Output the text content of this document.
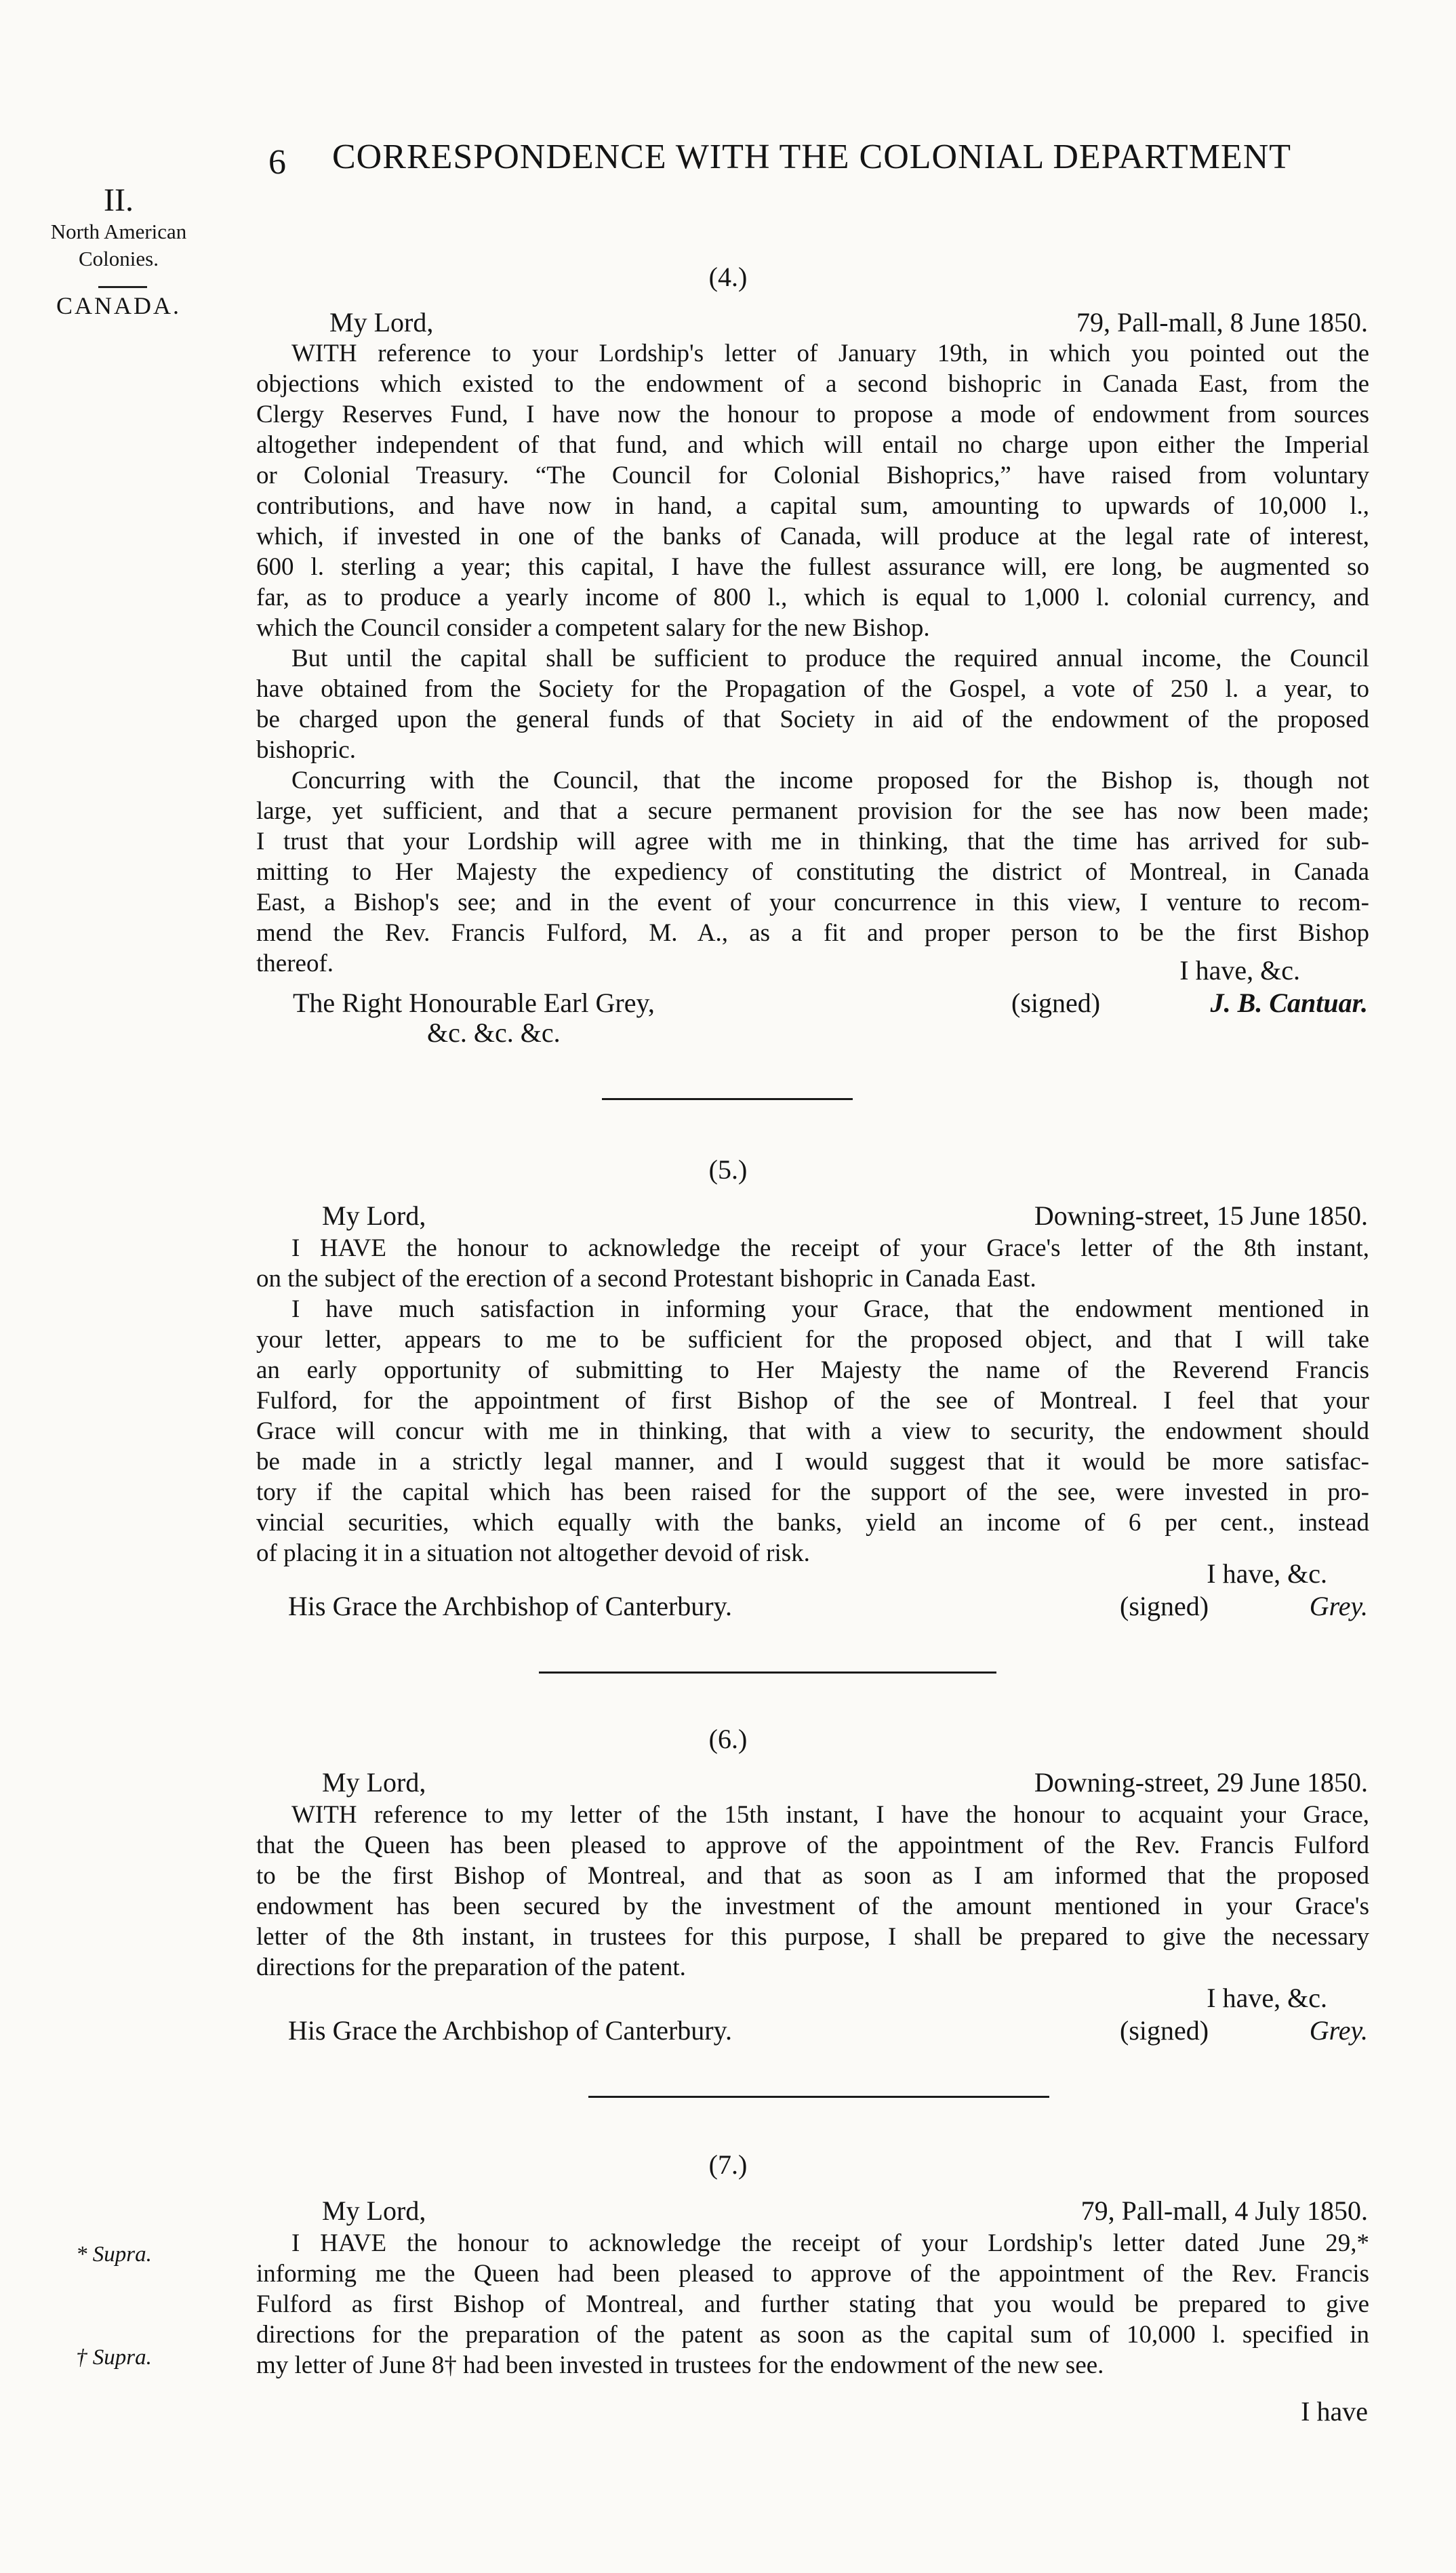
6 CORRESPONDENCE WITH THE COLONIAL DEPARTMENT
II.
North American
Colonies.
CANADA.
* Supra.
† Supra.
(4.)
My Lord,	79, Pall-mall, 8 June 1850.
WITH reference to your Lordship's letter of January 19th, in which you pointed out the
objections which existed to the endowment of a second bishopric in Canada East, from the
Clergy Reserves Fund, I have now the honour to propose a mode of endowment from sources
altogether independent of that fund, and which will entail no charge upon either the Imperial
or Colonial Treasury. “The Council for Colonial Bishoprics,” have raised from voluntary
contributions, and have now in hand, a capital sum, amounting to upwards of 10,000 l.,
which, if invested in one of the banks of Canada, will produce at the legal rate of interest,
600 l. sterling a year; this capital, I have the fullest assurance will, ere long, be augmented so
far, as to produce a yearly income of 800 l., which is equal to 1,000 l. colonial currency, and
which the Council consider a competent salary for the new Bishop.
But until the capital shall be sufficient to produce the required annual income, the Council
have obtained from the Society for the Propagation of the Gospel, a vote of 250 l. a year, to
be charged upon the general funds of that Society in aid of the endowment of the proposed
bishopric.
Concurring with the Council, that the income proposed for the Bishop is, though not
large, yet sufficient, and that a secure permanent provision for the see has now been made;
I trust that your Lordship will agree with me in thinking, that the time has arrived for sub-
mitting to Her Majesty the expediency of constituting the district of Montreal, in Canada
East, a Bishop's see; and in the event of your concurrence in this view, I venture to recom-
mend the Rev. Francis Fulford, M. A., as a fit and proper person to be the first Bishop
thereof.	I have, &c.
The Right Honourable Earl Grey,
&c. &c. &c.
(signed)	J. B. Cantuar.
(5.)
My Lord,	Downing-street, 15 June 1850.
I HAVE the honour to acknowledge the receipt of your Grace's letter of the 8th instant,
on the subject of the erection of a second Protestant bishopric in Canada East.
I have much satisfaction in informing your Grace, that the endowment mentioned in
your letter, appears to me to be sufficient for the proposed object, and that I will take
an early opportunity of submitting to Her Majesty the name of the Reverend Francis
Fulford, for the appointment of first Bishop of the see of Montreal. I feel that your
Grace will concur with me in thinking, that with a view to security, the endowment should
be made in a strictly legal manner, and I would suggest that it would be more satisfac-
tory if the capital which has been raised for the support of the see, were invested in pro-
vincial securities, which equally with the banks, yield an income of 6 per cent., instead
of placing it in a situation not altogether devoid of risk.
I have, &c.
His Grace the Archbishop of Canterbury.	(signed)	Grey.
(6.)
My Lord,	Downing-street, 29 June 1850.
WITH reference to my letter of the 15th instant, I have the honour to acquaint your Grace,
that the Queen has been pleased to approve of the appointment of the Rev. Francis Fulford
to be the first Bishop of Montreal, and that as soon as I am informed that the proposed
endowment has been secured by the investment of the amount mentioned in your Grace's
letter of the 8th instant, in trustees for this purpose, I shall be prepared to give the necessary
directions for the preparation of the patent.
I have, &c.
His Grace the Archbishop of Canterbury.	(signed)	Grey.
(7.)
My Lord,	79, Pall-mall, 4 July 1850.
I HAVE the honour to acknowledge the receipt of your Lordship's letter dated June 29,*
informing me the Queen had been pleased to approve of the appointment of the Rev. Francis
Fulford as first Bishop of Montreal, and further stating that you would be prepared to give
directions for the preparation of the patent as soon as the capital sum of 10,000 l. specified in
my letter of June 8† had been invested in trustees for the endowment of the new see.
I have
